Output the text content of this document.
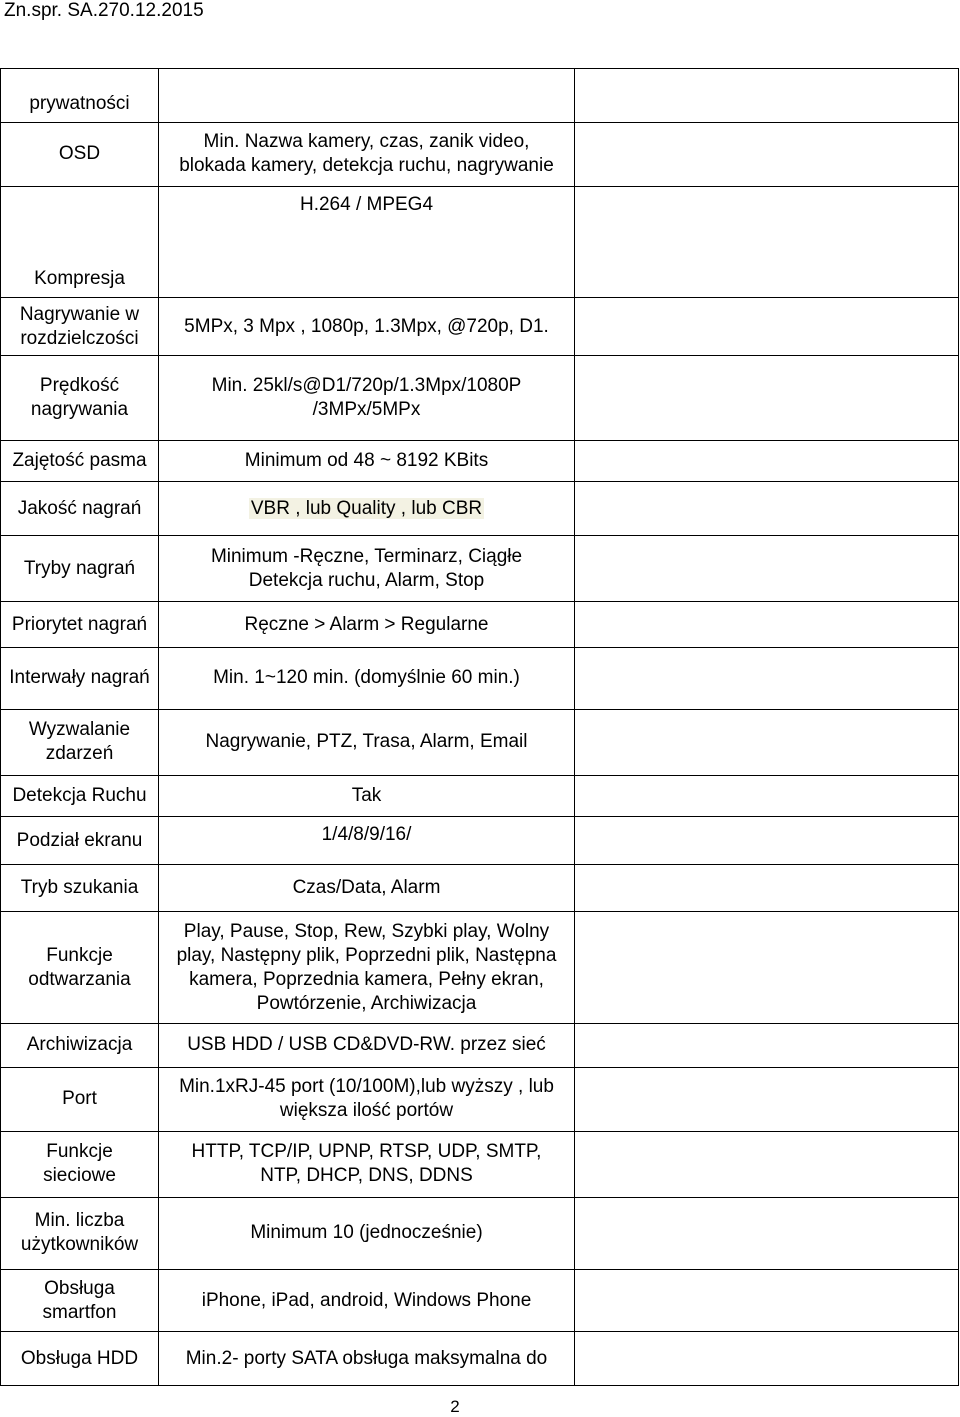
Zn.spr. SA.270.12.2015
prywatności		

OSD	Min. Nazwa kamery, czas, zanik video,
blokada kamery, detekcja ruchu, nagrywanie	

Kompresja	H.264 / MPEG4	

Nagrywanie w
rozdzielczości	5MPx, 3 Mpx , 1080p, 1.3Mpx, @720p, D1.	

Prędkość
nagrywania	Min. 25kl/s@D1/720p/1.3Mpx/1080P
/3MPx/5MPx	

Zajętość pasma	Minimum od 48 ~ 8192 KBits	

Jakość nagrań	VBR , lub Quality , lub CBR	

Tryby nagrań	Minimum -Ręczne, Terminarz, Ciągłe
Detekcja ruchu, Alarm, Stop	

Priorytet nagrań	Ręczne > Alarm > Regularne	

Interwały nagrań	Min. 1~120 min. (domyślnie 60 min.)	

Wyzwalanie
zdarzeń	Nagrywanie, PTZ, Trasa, Alarm, Email	

Detekcja Ruchu	Tak	

Podział ekranu	1/4/8/9/16/	

Tryb szukania	Czas/Data, Alarm	

Funkcje
odtwarzania	Play, Pause, Stop, Rew, Szybki play, Wolny
play, Następny plik, Poprzedni plik, Następna
kamera, Poprzednia kamera, Pełny ekran,
Powtórzenie, Archiwizacja	

Archiwizacja	USB HDD / USB CD&DVD-RW. przez sieć	

Port	Min.1xRJ-45 port (10/100M),lub wyższy , lub
większa ilość portów	

Funkcje
sieciowe	HTTP, TCP/IP, UPNP, RTSP, UDP, SMTP,
NTP, DHCP, DNS, DDNS	

Min. liczba
użytkowników	Minimum 10 (jednocześnie)	

Obsługa
smartfon	iPhone, iPad, android, Windows Phone	

Obsługa HDD	Min.2- porty SATA obsługa maksymalna do	

2
